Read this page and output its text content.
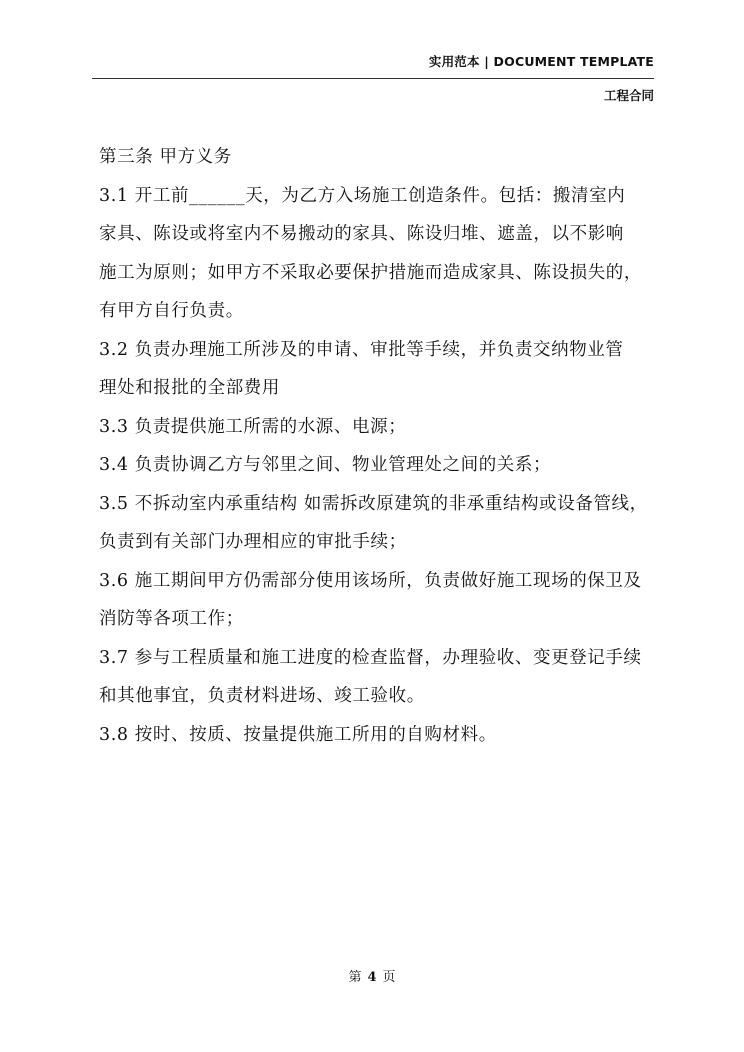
实用范本 | DOCUMENT TEMPLATE
工程合同

第三条 甲方义务

3.1 开工前______天，为乙方入场施工创造条件。包括：搬清室内

家具、陈设或将室内不易搬动的家具、陈设归堆、遮盖，以不影响

施工为原则；如甲方不采取必要保护措施而造成家具、陈设损失的，

有甲方自行负责。

3.2 负责办理施工所涉及的申请、审批等手续，并负责交纳物业管

理处和报批的全部费用

3.3 负责提供施工所需的水源、电源；

3.4 负责协调乙方与邻里之间、物业管理处之间的关系；

3.5 不拆动室内承重结构 如需拆改原建筑的非承重结构或设备管线，

负责到有关部门办理相应的审批手续；

3.6 施工期间甲方仍需部分使用该场所，负责做好施工现场的保卫及

消防等各项工作；

3.7 参与工程质量和施工进度的检查监督，办理验收、变更登记手续

和其他事宜，负责材料进场、竣工验收。

3.8 按时、按质、按量提供施工所用的自购材料。

第 4 页
